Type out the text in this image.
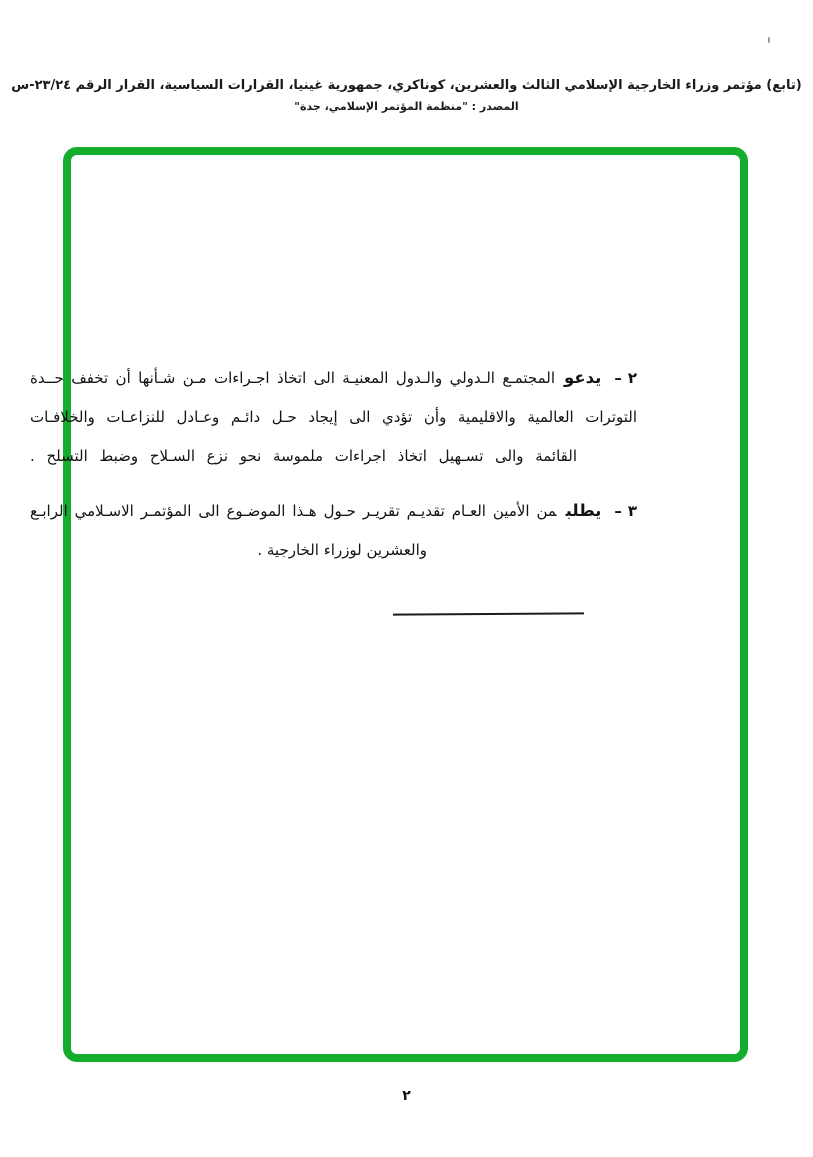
(تابع) مؤتمر وزراء الخارجية الإسلامي الثالث والعشرين، كوناكري، جمهورية غينيا، القرارات السياسية، القرار الرقم ٢٣/٢٤-س
المصدر : "منظمة المؤتمر الإسلامي، جدة"
٢–يدعوالمجتمـع الـدولي والـدول المعنيـة الى اتخاذ اجـراءات مـن شـأنها أن تخفف حــدة
التوترات العالمية والاقليمية وأن تؤدي الى إيجاد حـل دائـم وعـادل للنزاعـات والخلافـات
القائمة والى تسـهيل اتخاذ اجراءات ملموسة نحو نزع السـلاح وضبط التسلح .
٣–يطلبمن الأمين العـام تقديـم تقريـر حـول هـذا الموضـوع الى المؤتمـر الاسـلامي الرابـع
والعشرين لوزراء الخارجية .
٢
